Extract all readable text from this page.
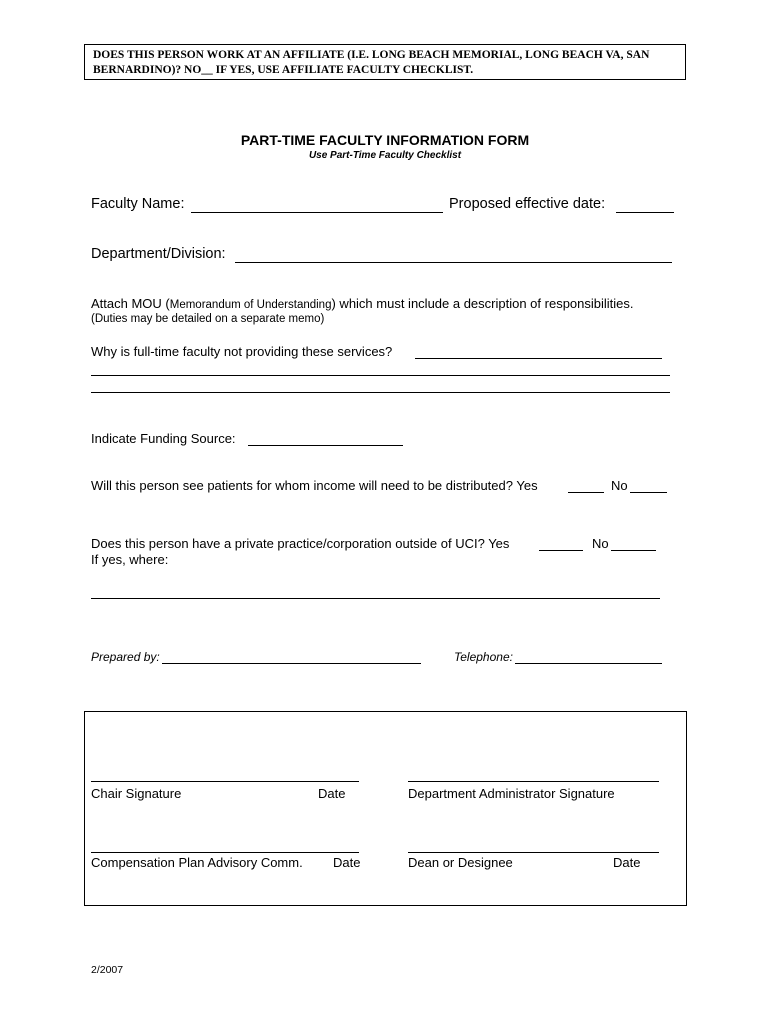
DOES THIS PERSON WORK AT AN AFFILIATE (I.E. LONG BEACH MEMORIAL, LONG BEACH VA, SAN BERNARDINO)? NO__ IF YES, USE AFFILIATE FACULTY CHECKLIST.
PART-TIME FACULTY INFORMATION FORM
Use Part-Time Faculty Checklist
Faculty Name:	Proposed effective date:
Department/Division:
Attach MOU (Memorandum of Understanding) which must include a description of responsibilities.
(Duties may be detailed on a separate memo)
Why is full-time faculty not providing these services?
Indicate Funding Source:
Will this person see patients for whom income will need to be distributed? Yes	No
Does this person have a private practice/corporation outside of UCI? Yes	No
If yes, where:
Prepared by:	Telephone:
Chair Signature	Date	Department Administrator Signature
Compensation Plan Advisory Comm. Date	Dean or Designee	Date
2/2007
